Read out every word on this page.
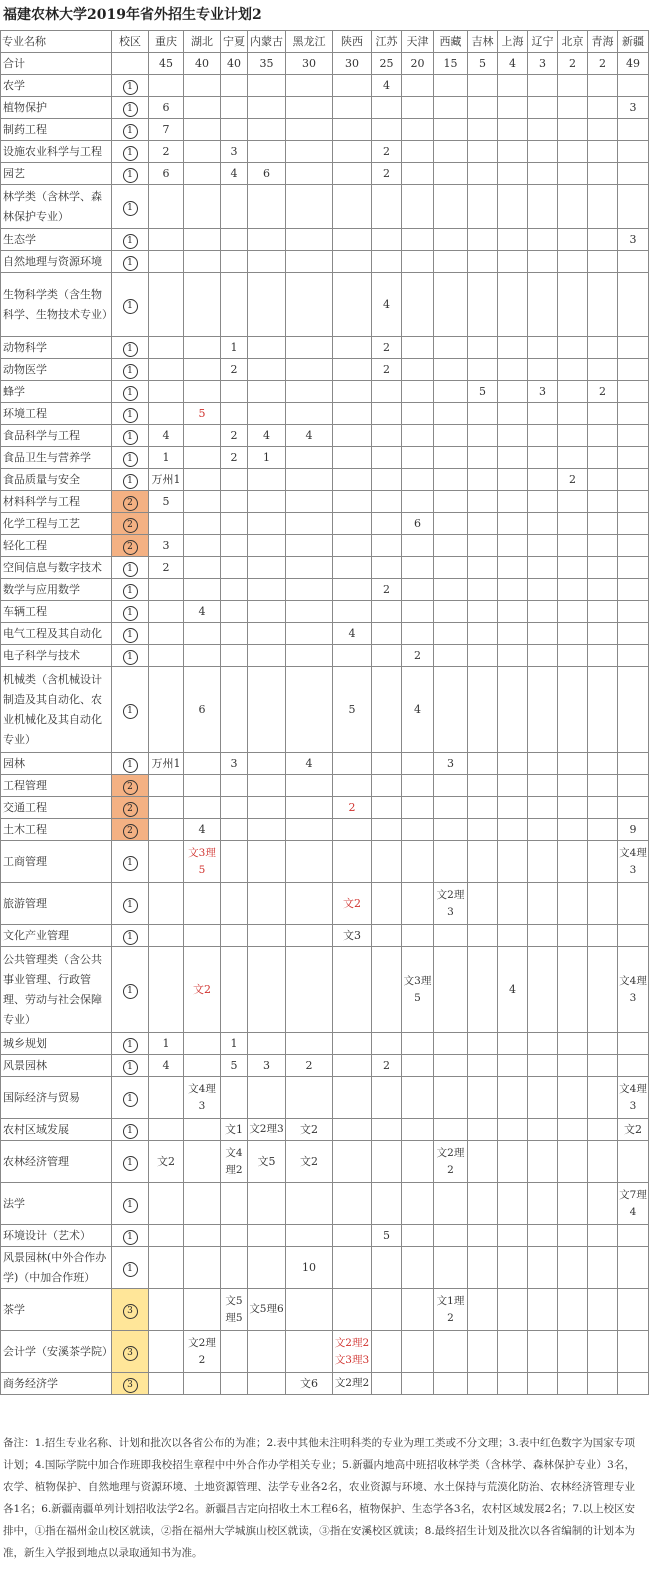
福建农林大学2019年省外招生专业计划2
专业名称	校区	重庆	湖北	宁夏	内蒙古	黑龙江	陕西	江苏	天津	西藏	吉林	上海	辽宁	北京	青海	新疆
合计		45	40	40	35	30	30	25	20	15	5	4	3	2	2	49
农学	1							4								
植物保护	1	6														3
制药工程	1	7														
设施农业科学与工程	1	2		3				2								
园艺	1	6		4	6			2								
林学类（含林学、森林保护专业）	1															
生态学	1															3
自然地理与资源环境	1															
生物科学类（含生物科学、生物技术专业）	1							4								
动物科学	1			1				2								
动物医学	1			2				2								
蜂学	1										5		3		2	
环境工程	1		5													
食品科学与工程	1	4		2	4	4										
食品卫生与营养学	1	1		2	1											
食品质量与安全	1	万州1												2		
材料科学与工程	2	5														
化学工程与工艺	2								6							
轻化工程	2	3														
空间信息与数字技术	1	2														
数学与应用数学	1							2								
车辆工程	1		4													
电气工程及其自动化	1						4									
电子科学与技术	1								2							
机械类（含机械设计制造及其自动化、农业机械化及其自动化专业）	1		6				5		4							
园林	1	万州1		3		4				3						
工程管理	2															
交通工程	2						2									
土木工程	2		4													9
工商管理	1		文3理5													文4理3
旅游管理	1						文2			文2理3						
文化产业管理	1						文3									
公共管理类（含公共事业管理、行政管理、劳动与社会保障专业）	1		文2						文3理5			4				文4理3
城乡规划	1	1		1												
风景园林	1	4		5	3	2		2								
国际经济与贸易	1		文4理3													文4理3
农村区域发展	1			文1	文2理3	文2										文2
农林经济管理	1	文2		文4理2	文5	文2				文2理2						
法学	1															文7理4
环境设计（艺术）	1							5								
风景园林(中外合作办学)（中加合作班）	1					10										
茶学	3			文5理5	文5理6					文1理2						
会计学（安溪茶学院）	3		文2理2				文2理2 文3理3									
商务经济学	3					文6	文2理2									
备注：1.招生专业名称、计划和批次以各省公布的为准；2.表中其他未注明科类的专业为理工类或不分文理；3.表中红色数字为国家专项计划；4.国际学院中加合作班即我校招生章程中中外合作办学相关专业；5.新疆内地高中班招收林学类（含林学、森林保护专业）3名，农学、植物保护、自然地理与资源环境、土地资源管理、法学专业各2名，农业资源与环境、水土保持与荒漠化防治、农林经济管理专业各1名；6.新疆南疆单列计划招收法学2名。新疆昌吉定向招收土木工程6名，植物保护、生态学各3名，农村区域发展2名；7.以上校区安排中，①指在福州金山校区就读，②指在福州大学城旗山校区就读，③指在安溪校区就读；8.最终招生计划及批次以各省编制的计划本为准，新生入学报到地点以录取通知书为准。
